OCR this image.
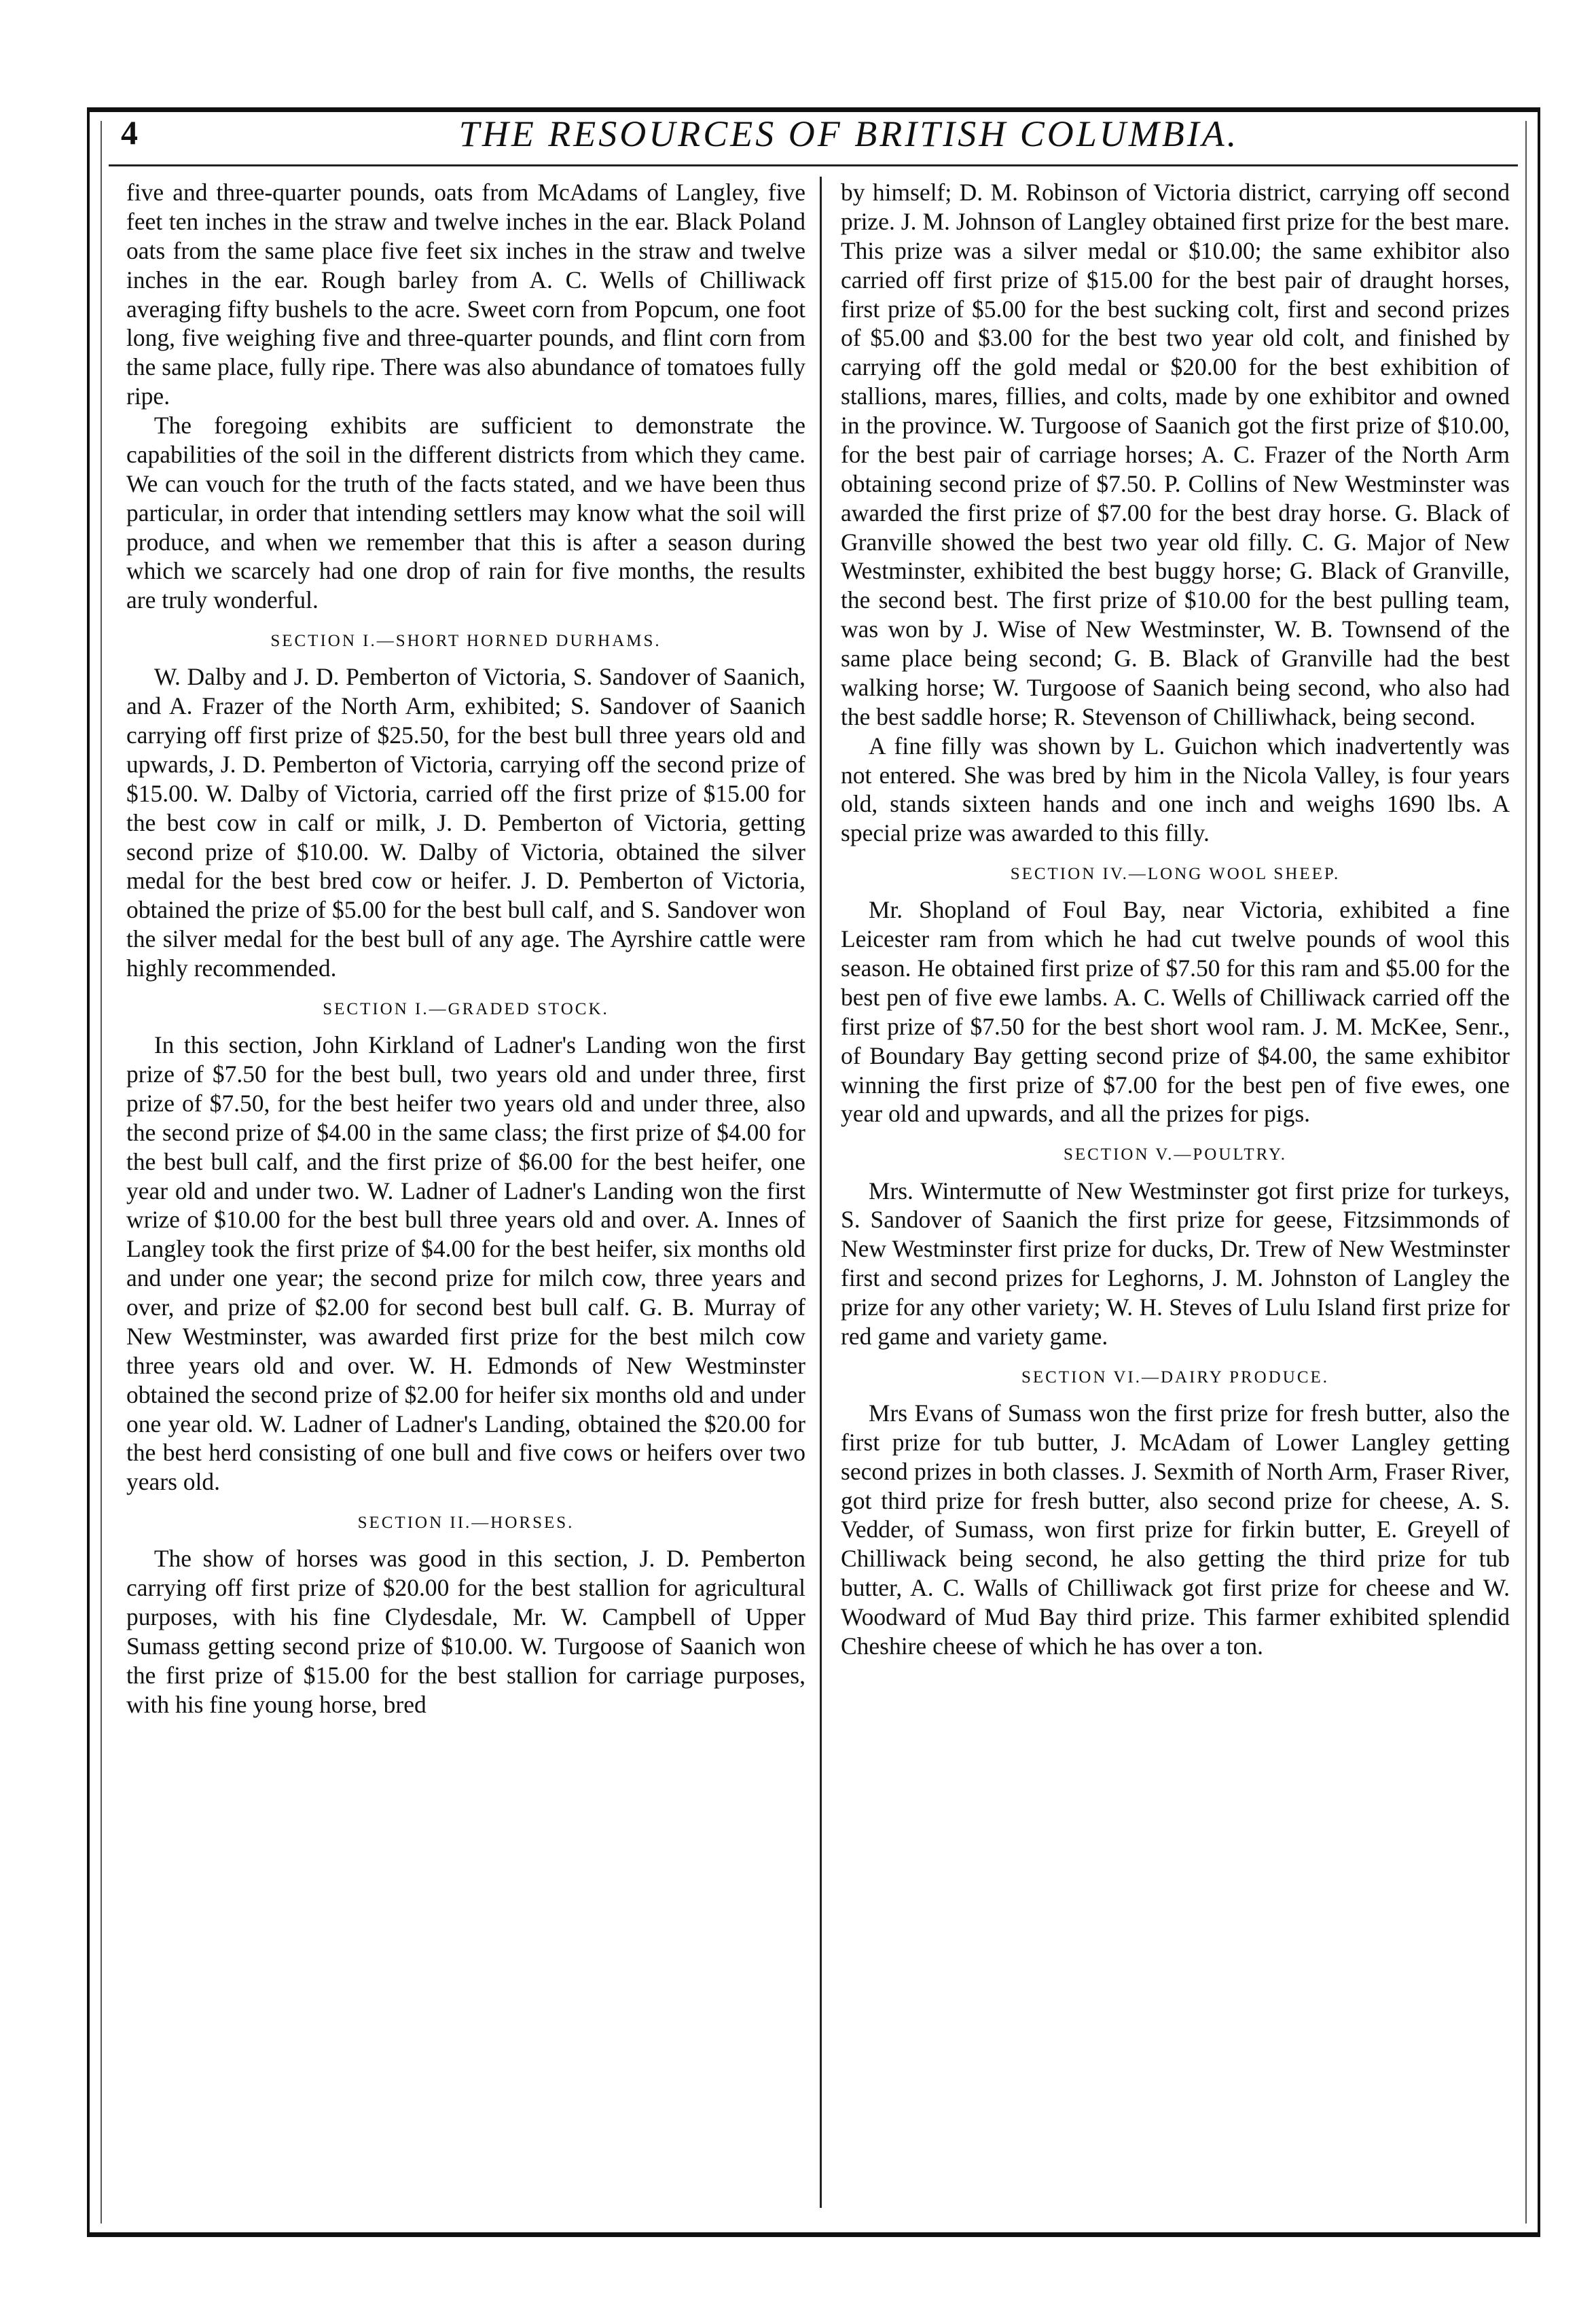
4	THE RESOURCES OF BRITISH COLUMBIA.

five and three-quarter pounds, oats from McAdams of Langley, five feet ten inches in the straw and twelve inches in the ear. Black Poland oats from the same place five feet six inches in the straw and twelve inches in the ear. Rough barley from A. C. Wells of Chilliwack averaging fifty bushels to the acre. Sweet corn from Popcum, one foot long, five weighing five and three-quarter pounds, and flint corn from the same place, fully ripe. There was also abundance of tomatoes fully ripe.

The foregoing exhibits are sufficient to demonstrate the capabilities of the soil in the different districts from which they came. We can vouch for the truth of the facts stated, and we have been thus particular, in order that intending settlers may know what the soil will produce, and when we remember that this is after a season during which we scarcely had one drop of rain for five months, the results are truly wonderful.

SECTION I.—SHORT HORNED DURHAMS.

W. Dalby and J. D. Pemberton of Victoria, S. Sandover of Saanich, and A. Frazer of the North Arm, exhibited; S. Sandover of Saanich carrying off first prize of $25.50, for the best bull three years old and upwards, J. D. Pemberton of Victoria, carrying off the second prize of $15.00. W. Dalby of Victoria, carried off the first prize of $15.00 for the best cow in calf or milk, J. D. Pemberton of Victoria, getting second prize of $10.00. W. Dalby of Victoria, obtained the silver medal for the best bred cow or heifer. J. D. Pemberton of Victoria, obtained the prize of $5.00 for the best bull calf, and S. Sandover won the silver medal for the best bull of any age. The Ayrshire cattle were highly recommended.

SECTION I.—GRADED STOCK.

In this section, John Kirkland of Ladner's Landing won the first prize of $7.50 for the best bull, two years old and under three, first prize of $7.50, for the best heifer two years old and under three, also the second prize of $4.00 in the same class; the first prize of $4.00 for the best bull calf, and the first prize of $6.00 for the best heifer, one year old and under two. W. Ladner of Ladner's Landing won the first wrize of $10.00 for the best bull three years old and over. A. Innes of Langley took the first prize of $4.00 for the best heifer, six months old and under one year; the second prize for milch cow, three years and over, and prize of $2.00 for second best bull calf. G. B. Murray of New Westminster, was awarded first prize for the best milch cow three years old and over. W. H. Edmonds of New Westminster obtained the second prize of $2.00 for heifer six months old and under one year old. W. Ladner of Ladner's Landing, obtained the $20.00 for the best herd consisting of one bull and five cows or heifers over two years old.

SECTION II.—HORSES.

The show of horses was good in this section, J. D. Pemberton carrying off first prize of $20.00 for the best stallion for agricultural purposes, with his fine Clydesdale, Mr. W. Campbell of Upper Sumass getting second prize of $10.00. W. Turgoose of Saanich won the first prize of $15.00 for the best stallion for carriage purposes, with his fine young horse, bred

by himself; D. M. Robinson of Victoria district, carrying off second prize. J. M. Johnson of Langley obtained first prize for the best mare. This prize was a silver medal or $10.00; the same exhibitor also carried off first prize of $15.00 for the best pair of draught horses, first prize of $5.00 for the best sucking colt, first and second prizes of $5.00 and $3.00 for the best two year old colt, and finished by carrying off the gold medal or $20.00 for the best exhibition of stallions, mares, fillies, and colts, made by one exhibitor and owned in the province. W. Turgoose of Saanich got the first prize of $10.00, for the best pair of carriage horses; A. C. Frazer of the North Arm obtaining second prize of $7.50. P. Collins of New Westminster was awarded the first prize of $7.00 for the best dray horse. G. Black of Granville showed the best two year old filly. C. G. Major of New Westminster, exhibited the best buggy horse; G. Black of Granville, the second best. The first prize of $10.00 for the best pulling team, was won by J. Wise of New Westminster, W. B. Townsend of the same place being second; G. B. Black of Granville had the best walking horse; W. Turgoose of Saanich being second, who also had the best saddle horse; R. Stevenson of Chilliwhack, being second.

A fine filly was shown by L. Guichon which inadvertently was not entered. She was bred by him in the Nicola Valley, is four years old, stands sixteen hands and one inch and weighs 1690 lbs. A special prize was awarded to this filly.

SECTION IV.—LONG WOOL SHEEP.

Mr. Shopland of Foul Bay, near Victoria, exhibited a fine Leicester ram from which he had cut twelve pounds of wool this season. He obtained first prize of $7.50 for this ram and $5.00 for the best pen of five ewe lambs. A. C. Wells of Chilliwack carried off the first prize of $7.50 for the best short wool ram. J. M. McKee, Senr., of Boundary Bay getting second prize of $4.00, the same exhibitor winning the first prize of $7.00 for the best pen of five ewes, one year old and upwards, and all the prizes for pigs.

SECTION V.—POULTRY.

Mrs. Wintermutte of New Westminster got first prize for turkeys, S. Sandover of Saanich the first prize for geese, Fitzsimmonds of New Westminster first prize for ducks, Dr. Trew of New Westminster first and second prizes for Leghorns, J. M. Johnston of Langley the prize for any other variety; W. H. Steves of Lulu Island first prize for red game and variety game.

SECTION VI.—DAIRY PRODUCE.

Mrs Evans of Sumass won the first prize for fresh butter, also the first prize for tub butter, J. McAdam of Lower Langley getting second prizes in both classes. J. Sexmith of North Arm, Fraser River, got third prize for fresh butter, also second prize for cheese, A. S. Vedder, of Sumass, won first prize for firkin butter, E. Greyell of Chilliwack being second, he also getting the third prize for tub butter, A. C. Walls of Chilliwack got first prize for cheese and W. Woodward of Mud Bay third prize. This farmer exhibited splendid Cheshire cheese of which he has over a ton.
